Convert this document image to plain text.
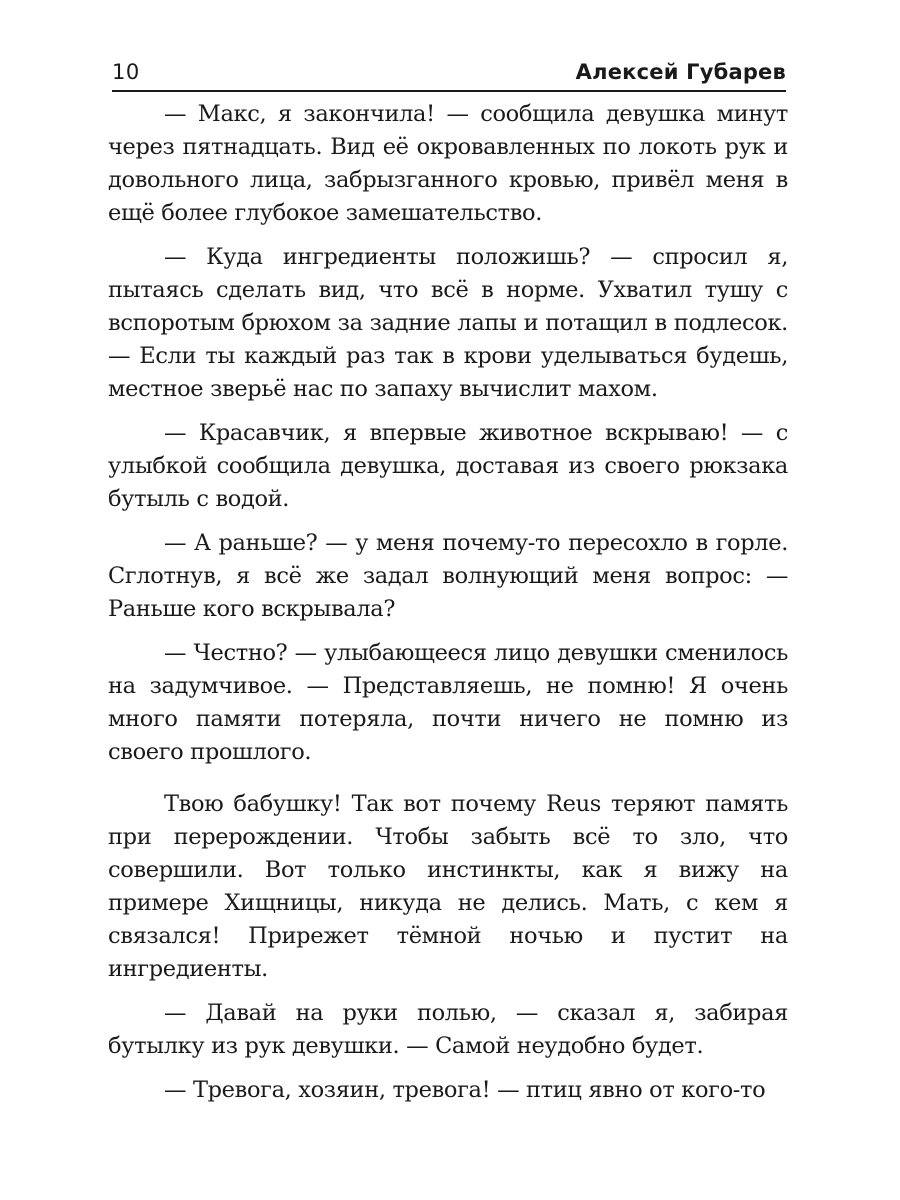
10	Алексей Губарев

— Макс, я закончила! — сообщила девушка минут через пятнадцать. Вид её окровавленных по локоть рук и довольного лица, забрызганного кровью, привёл меня в ещё более глубокое замешательство.

— Куда ингредиенты положишь? — спросил я, пытаясь сделать вид, что всё в норме. Ухватил тушу с вспоротым брюхом за задние лапы и потащил в подлесок. — Если ты каждый раз так в крови уделываться будешь, местное зверьё нас по запаху вычислит махом.

— Красавчик, я впервые животное вскрываю! — с улыбкой сообщила девушка, доставая из своего рюкзака бутыль с водой.

— А раньше? — у меня почему-то пересохло в горле. Сглотнув, я всё же задал волнующий меня вопрос: — Раньше кого вскрывала?

— Честно? — улыбающееся лицо девушки сменилось на задумчивое. — Представляешь, не помню! Я очень много памяти потеряла, почти ничего не помню из своего прошлого.

Твою бабушку! Так вот почему Reus теряют память при перерождении. Чтобы забыть всё то зло, что совершили. Вот только инстинкты, как я вижу на примере Хищницы, никуда не делись. Мать, с кем я связался! Прирежет тёмной ночью и пустит на ингредиенты.

— Давай на руки полью, — сказал я, забирая бутылку из рук девушки. — Самой неудобно будет.

— Тревога, хозяин, тревога! — птиц явно от кого-то
